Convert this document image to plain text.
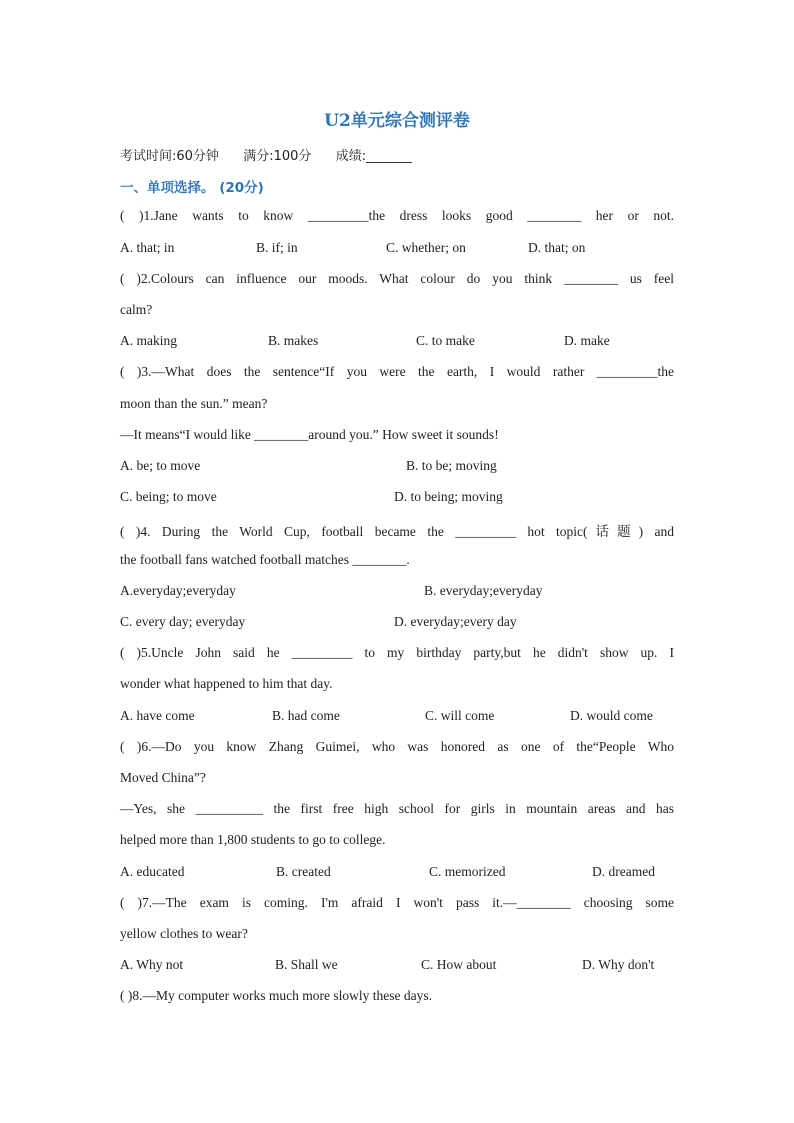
U2单元综合测评卷
考试时间:60分钟 满分:100分 成绩:_______
一、单项选择。 (20分)
( )1.Jane wants to know _________the dress looks good ________ her or not.
A. that; in	B. if; in	C. whether; on	D. that; on
( )2.Colours can influence our moods. What colour do you think ________ us feel
calm?
A. making	B. makes	C. to make	D. make
( )3.—What does the sentence“If you were the earth, I would rather _________the
moon than the sun.” mean?
—It means“I would like ________around you.” How sweet it sounds!
A. be; to move	B. to be; moving
C. being; to move	D. to being; moving
( )4. During the World Cup, football became the _________ hot topic(话题) and
the football fans watched football matches ________.
A.everyday;everyday	B. everyday;everyday
C. every day; everyday	D. everyday;every day
( )5.Uncle John said he _________ to my birthday party,but he didn't show up. I
wonder what happened to him that day.
A. have come	B. had come	C. will come	D. would come
( )6.—Do you know Zhang Guimei, who was honored as one of the“People Who
Moved China”?
—Yes, she __________ the first free high school for girls in mountain areas and has
helped more than 1,800 students to go to college.
A. educated	B. created	C. memorized	D. dreamed
( )7.—The exam is coming. I'm afraid I won't pass it.—________ choosing some
yellow clothes to wear?
A. Why not	B. Shall we	C. How about	D. Why don't
( )8.—My computer works much more slowly these days.
